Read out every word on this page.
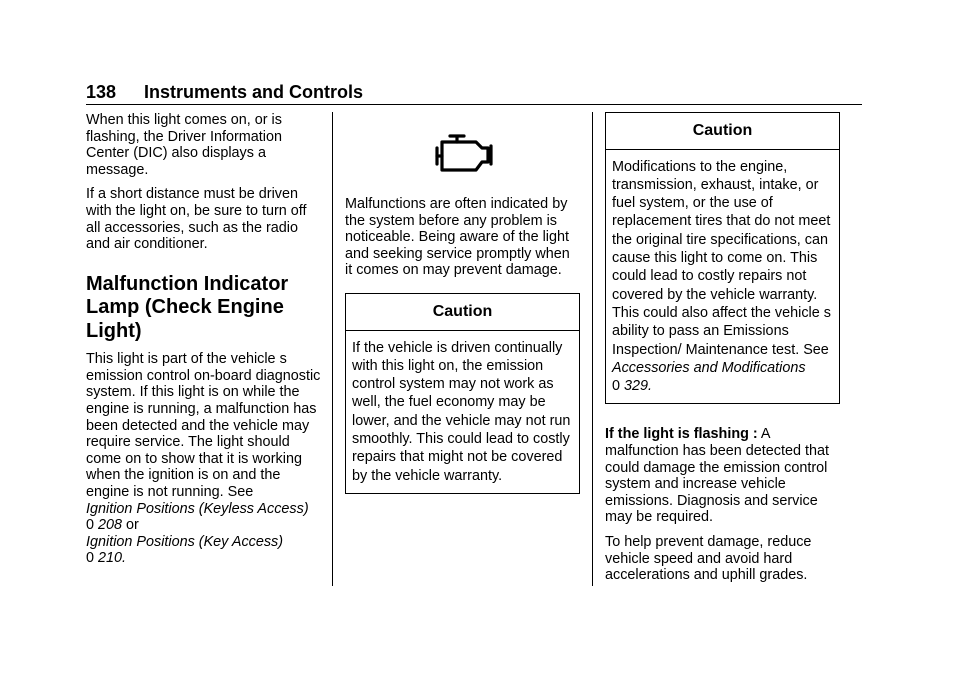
138 Instruments and Controls

When this light comes on, or is flashing, the Driver Information Center (DIC) also displays a message.

If a short distance must be driven with the light on, be sure to turn off all accessories, such as the radio and air conditioner.

Malfunction Indicator Lamp (Check Engine Light)

This light is part of the vehicle s emission control on-board diagnostic system. If this light is on while the engine is running, a malfunction has been detected and the vehicle may require service. The light should come on to show that it is working when the ignition is on and the engine is not running. See
Ignition Positions (Keyless Access)
0 208 or
Ignition Positions (Key Access)
0 210.

Malfunctions are often indicated by the system before any problem is noticeable. Being aware of the light and seeking service promptly when it comes on may prevent damage.

Caution
If the vehicle is driven continually with this light on, the emission control system may not work as well, the fuel economy may be lower, and the vehicle may not run smoothly. This could lead to costly repairs that might not be covered by the vehicle warranty.
Caution
Modifications to the engine, transmission, exhaust, intake, or fuel system, or the use of replacement tires that do not meet the original tire specifications, can cause this light to come on. This could lead to costly repairs not covered by the vehicle warranty. This could also affect the vehicle s ability to pass an Emissions Inspection/ Maintenance test. See
Accessories and Modifications
0 329.

If the light is flashing : A malfunction has been detected that could damage the emission control system and increase vehicle emissions. Diagnosis and service may be required.

To help prevent damage, reduce vehicle speed and avoid hard accelerations and uphill grades.
